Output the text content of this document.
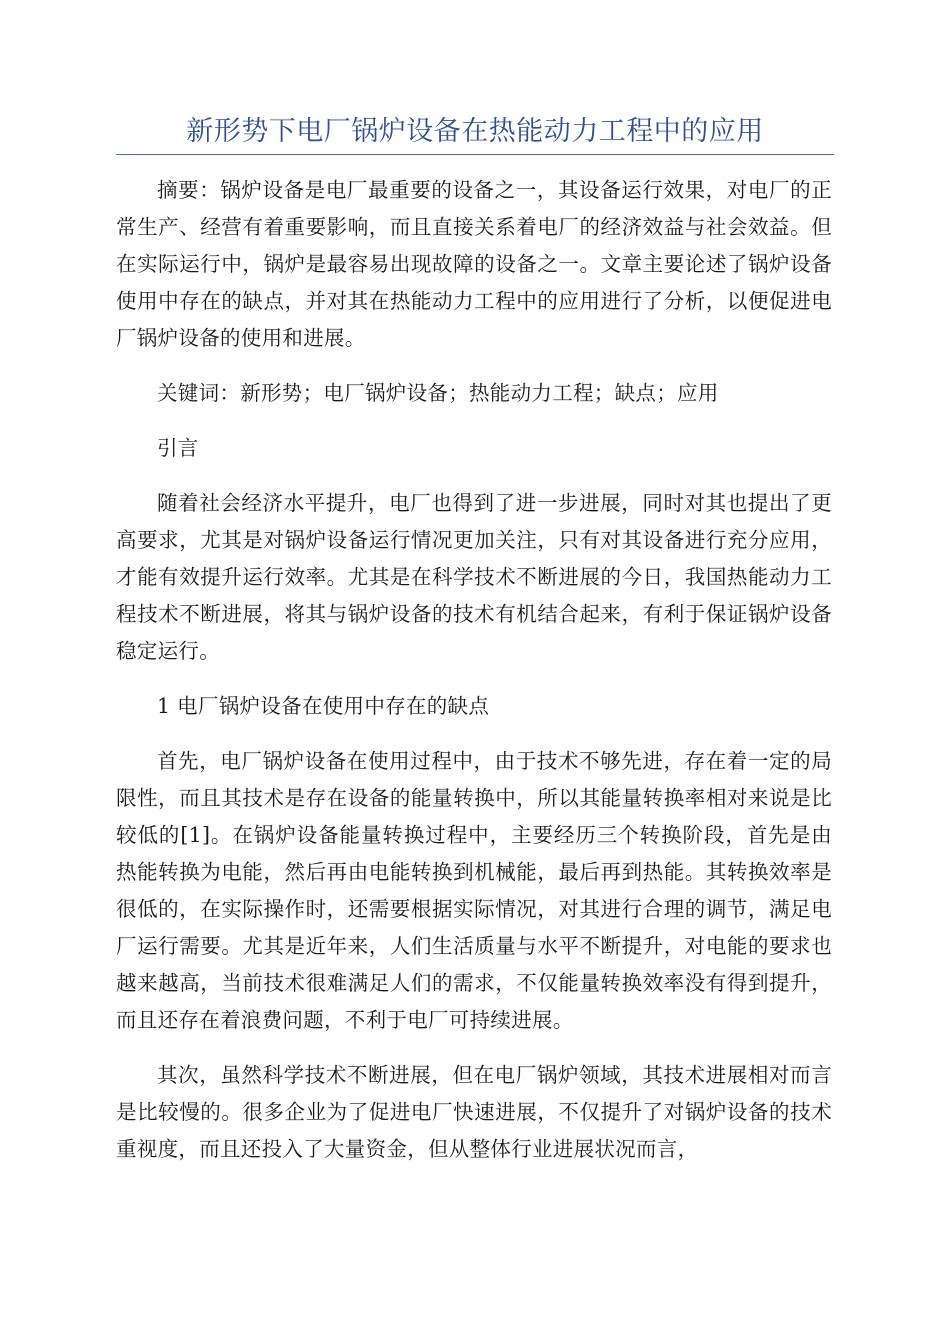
新形势下电厂锅炉设备在热能动力工程中的应用

摘要：锅炉设备是电厂最重要的设备之一，其设备运行效果，对电厂的正常生产、经营有着重要影响，而且直接关系着电厂的经济效益与社会效益。但在实际运行中，锅炉是最容易出现故障的设备之一。文章主要论述了锅炉设备使用中存在的缺点，并对其在热能动力工程中的应用进行了分析，以便促进电厂锅炉设备的使用和进展。

关键词：新形势；电厂锅炉设备；热能动力工程；缺点；应用

引言

随着社会经济水平提升，电厂也得到了进一步进展，同时对其也提出了更高要求，尤其是对锅炉设备运行情况更加关注，只有对其设备进行充分应用，才能有效提升运行效率。尤其是在科学技术不断进展的今日，我国热能动力工程技术不断进展，将其与锅炉设备的技术有机结合起来，有利于保证锅炉设备稳定运行。

1 电厂锅炉设备在使用中存在的缺点

首先，电厂锅炉设备在使用过程中，由于技术不够先进，存在着一定的局限性，而且其技术是存在设备的能量转换中，所以其能量转换率相对来说是比较低的[1]。在锅炉设备能量转换过程中，主要经历三个转换阶段，首先是由热能转换为电能，然后再由电能转换到机械能，最后再到热能。其转换效率是很低的，在实际操作时，还需要根据实际情况，对其进行合理的调节，满足电厂运行需要。尤其是近年来，人们生活质量与水平不断提升，对电能的要求也越来越高，当前技术很难满足人们的需求，不仅能量转换效率没有得到提升，而且还存在着浪费问题，不利于电厂可持续进展。

其次，虽然科学技术不断进展，但在电厂锅炉领域，其技术进展相对而言是比较慢的。很多企业为了促进电厂快速进展，不仅提升了对锅炉设备的技术重视度，而且还投入了大量资金，但从整体行业进展状况而言，
